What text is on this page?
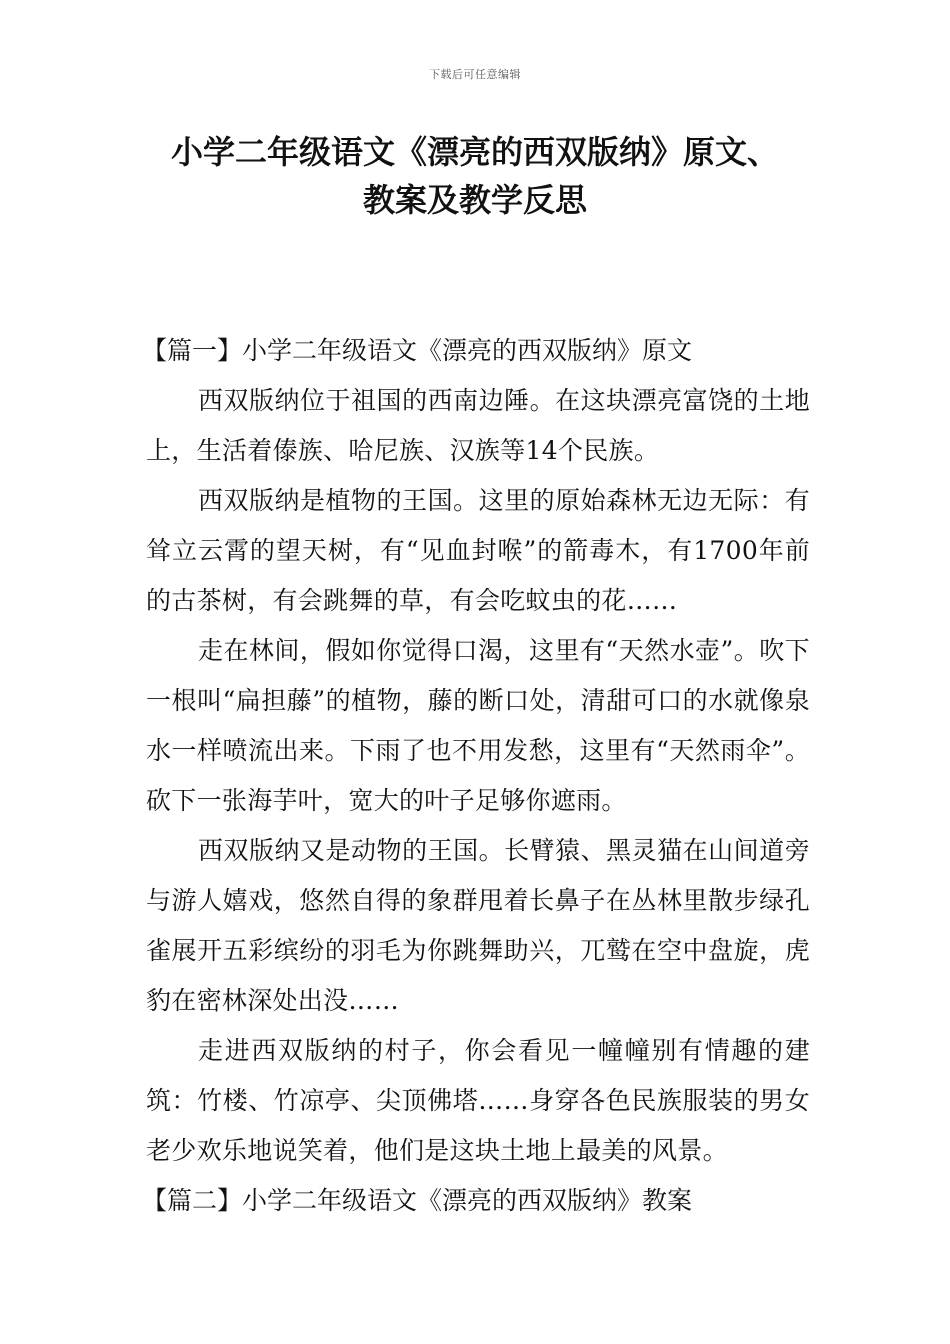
下载后可任意编辑
小学二年级语文《漂亮的西双版纳》原文、
教案及教学反思
【篇一】小学二年级语文《漂亮的西双版纳》原文

西双版纳位于祖国的西南边陲。在这块漂亮富饶的土地上，生活着傣族、哈尼族、汉族等14个民族。

西双版纳是植物的王国。这里的原始森林无边无际：有耸立云霄的望天树，有“见血封喉”的箭毒木，有1700年前的古茶树，有会跳舞的草，有会吃蚊虫的花……

走在林间，假如你觉得口渴，这里有“天然水壶”。吹下一根叫“扁担藤”的植物，藤的断口处，清甜可口的水就像泉水一样喷流出来。下雨了也不用发愁，这里有“天然雨伞”。砍下一张海芋叶，宽大的叶子足够你遮雨。

西双版纳又是动物的王国。长臂猿、黑灵猫在山间道旁与游人嬉戏，悠然自得的象群甩着长鼻子在丛林里散步绿孔雀展开五彩缤纷的羽毛为你跳舞助兴，兀鹫在空中盘旋，虎豹在密林深处出没……

走进西双版纳的村子，你会看见一幢幢别有情趣的建筑：竹楼、竹凉亭、尖顶佛塔……身穿各色民族服装的男女老少欢乐地说笑着，他们是这块土地上最美的风景。

【篇二】小学二年级语文《漂亮的西双版纳》教案
